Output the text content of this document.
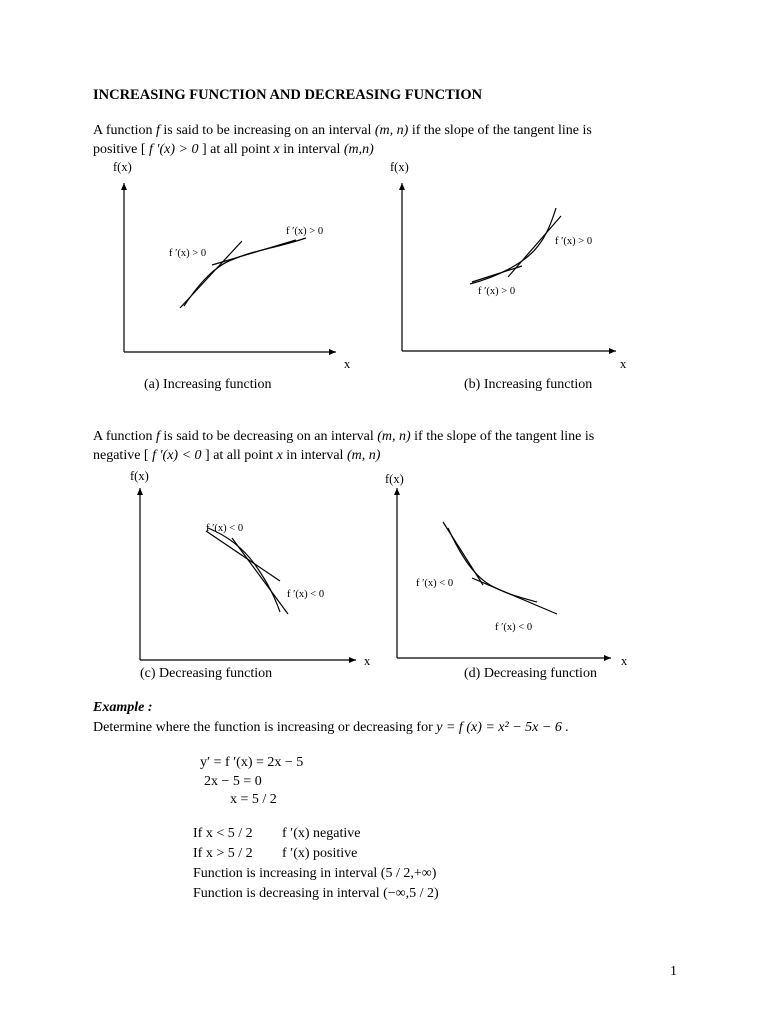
INCREASING FUNCTION AND DECREASING FUNCTION
A function f is said to be increasing on an interval (m, n) if the slope of the tangent line is
positive [ f ′(x) > 0 ] at all point x in interval (m,n)
f(x)
x
f ′(x) > 0
f ′(x) > 0
(a) Increasing function
f(x)
x
f ′(x) > 0
f ′(x) > 0
(b) Increasing function
A function f is said to be decreasing on an interval (m, n) if the slope of the tangent line is
negative [ f ′(x) < 0 ] at all point x in interval (m, n)
f(x)
x
f ′(x) < 0
f ′(x) < 0
(c) Decreasing function
f(x)
x
f ′(x) < 0
f ′(x) < 0
(d) Decreasing function
Example :
Determine where the function is increasing or decreasing for y = f (x) = x² − 5x − 6 .
y′ = f ′(x) = 2x − 5
2x − 5 = 0
x = 5 / 2
If x < 5 / 2 f ′(x) negative
If x > 5 / 2 f ′(x) positive
Function is increasing in interval (5 / 2,+∞)
Function is decreasing in interval (−∞,5 / 2)
1
